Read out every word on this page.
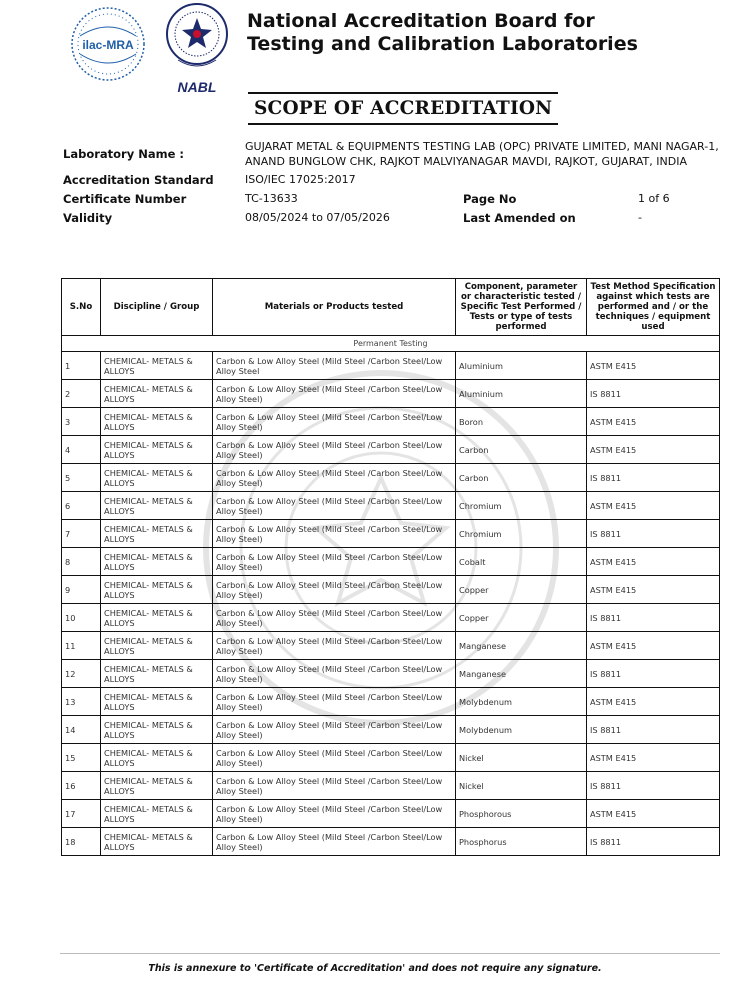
ilac-MRA
NABL
National Accreditation Board for
Testing and Calibration Laboratories
SCOPE OF ACCREDITATION
Laboratory Name :
GUJARAT METAL & EQUIPMENTS TESTING LAB (OPC) PRIVATE LIMITED, MANI NAGAR-1,
ANAND BUNGLOW CHK, RAJKOT MALVIYANAGAR MAVDI, RAJKOT, GUJARAT, INDIA
Accreditation Standard	ISO/IEC 17025:2017
Certificate Number	TC-13633	Page No	1 of 6
Validity	08/05/2024 to 07/05/2026	Last Amended on	-
S.No	Discipline / Group	Materials or Products tested	Component, parameter or characteristic tested / Specific Test Performed / Tests or type of tests performed	Test Method Specification against which tests are performed and / or the techniques / equipment used
Permanent Testing				
1	CHEMICAL- METALS & ALLOYS	Carbon & Low Alloy Steel (Mild Steel /Carbon Steel/Low Alloy Steel	Aluminium	ASTM E415
2	CHEMICAL- METALS & ALLOYS	Carbon & Low Alloy Steel (Mild Steel /Carbon Steel/Low Alloy Steel)	Aluminium	IS 8811
3	CHEMICAL- METALS & ALLOYS	Carbon & Low Alloy Steel (Mild Steel /Carbon Steel/Low Alloy Steel)	Boron	ASTM E415
4	CHEMICAL- METALS & ALLOYS	Carbon & Low Alloy Steel (Mild Steel /Carbon Steel/Low Alloy Steel)	Carbon	ASTM E415
5	CHEMICAL- METALS & ALLOYS	Carbon & Low Alloy Steel (Mild Steel /Carbon Steel/Low Alloy Steel)	Carbon	IS 8811
6	CHEMICAL- METALS & ALLOYS	Carbon & Low Alloy Steel (Mild Steel /Carbon Steel/Low Alloy Steel)	Chromium	ASTM E415
7	CHEMICAL- METALS & ALLOYS	Carbon & Low Alloy Steel (Mild Steel /Carbon Steel/Low Alloy Steel)	Chromium	IS 8811
8	CHEMICAL- METALS & ALLOYS	Carbon & Low Alloy Steel (Mild Steel /Carbon Steel/Low Alloy Steel)	Cobalt	ASTM E415
9	CHEMICAL- METALS & ALLOYS	Carbon & Low Alloy Steel (Mild Steel /Carbon Steel/Low Alloy Steel)	Copper	ASTM E415
10	CHEMICAL- METALS & ALLOYS	Carbon & Low Alloy Steel (Mild Steel /Carbon Steel/Low Alloy Steel)	Copper	IS 8811
11	CHEMICAL- METALS & ALLOYS	Carbon & Low Alloy Steel (Mild Steel /Carbon Steel/Low Alloy Steel)	Manganese	ASTM E415
12	CHEMICAL- METALS & ALLOYS	Carbon & Low Alloy Steel (Mild Steel /Carbon Steel/Low Alloy Steel)	Manganese	IS 8811
13	CHEMICAL- METALS & ALLOYS	Carbon & Low Alloy Steel (Mild Steel /Carbon Steel/Low Alloy Steel)	Molybdenum	ASTM E415
14	CHEMICAL- METALS & ALLOYS	Carbon & Low Alloy Steel (Mild Steel /Carbon Steel/Low Alloy Steel)	Molybdenum	IS 8811
15	CHEMICAL- METALS & ALLOYS	Carbon & Low Alloy Steel (Mild Steel /Carbon Steel/Low Alloy Steel)	Nickel	ASTM E415
16	CHEMICAL- METALS & ALLOYS	Carbon & Low Alloy Steel (Mild Steel /Carbon Steel/Low Alloy Steel)	Nickel	IS 8811
17	CHEMICAL- METALS & ALLOYS	Carbon & Low Alloy Steel (Mild Steel /Carbon Steel/Low Alloy Steel)	Phosphorous	ASTM E415
18	CHEMICAL- METALS & ALLOYS	Carbon & Low Alloy Steel (Mild Steel /Carbon Steel/Low Alloy Steel)	Phosphorus	IS 8811
This is annexure to 'Certificate of Accreditation' and does not require any signature.
